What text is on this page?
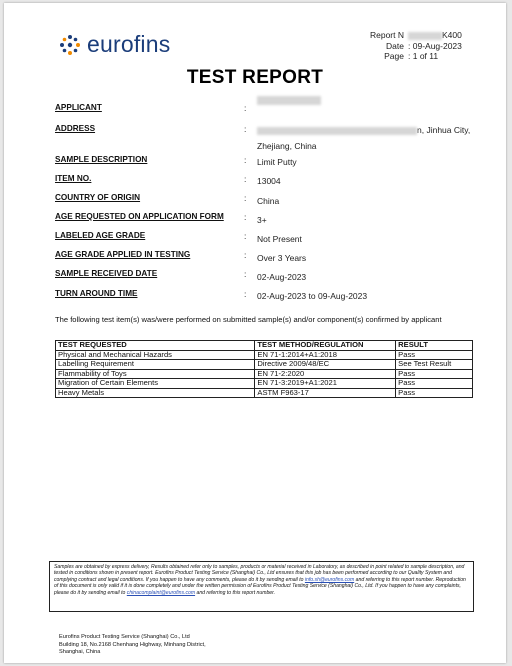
eurofins	Report N	K400
Date : 09-Aug-2023
Page : 1 of 11
TEST REPORT
APPLICANT	:
ADDRESS	:	n, Jinhua City,
Zhejiang, China
SAMPLE DESCRIPTION	: Limit Putty
ITEM NO.	: 13004
COUNTRY OF ORIGIN	: China
AGE REQUESTED ON APPLICATION FORM : 3+
LABELED AGE GRADE	: Not Present
AGE GRADE APPLIED IN TESTING	: Over 3 Years
SAMPLE RECEIVED DATE	: 02-Aug-2023
TURN AROUND TIME	: 02-Aug-2023 to 09-Aug-2023
The following test item(s) was/were performed on submitted sample(s) and/or component(s) confirmed by applicant
TEST REQUESTED	TEST METHOD/REGULATION	RESULT
Physical and Mechanical Hazards	EN 71-1:2014+A1:2018	Pass
Labelling Requirement	Directive 2009/48/EC	See Test Result
Flammability of Toys	EN 71-2:2020	Pass
Migration of Certain Elements	EN 71-3:2019+A1:2021	Pass
Heavy Metals	ASTM F963-17	Pass
Samples are obtained by express delivery, Results obtained refer only to samples, products or material received in Laboratory, as described in point related to sample description, and tested in conditions shown in present report. Eurofins Product Testing Service (Shanghai) Co., Ltd ensures that this job has been performed according to our Quality System and complying contract and legal conditions. If you happen to have any comments, please do it by sending email to info.sh@eurofins.com and referring to this report number. Reproduction of this document is only valid if it is done completely and under the written permission of Eurofins Product Testing Service (Shanghai) Co., Ltd. If you happen to have any complaints, please do it by sending email to chinacomplaint@eurofins.com and referring to this report number.
Eurofins Product Testing Service (Shanghai) Co., Ltd
Building 18, No.2168 Chenhang Highway, Minhang District,
Shanghai, China
